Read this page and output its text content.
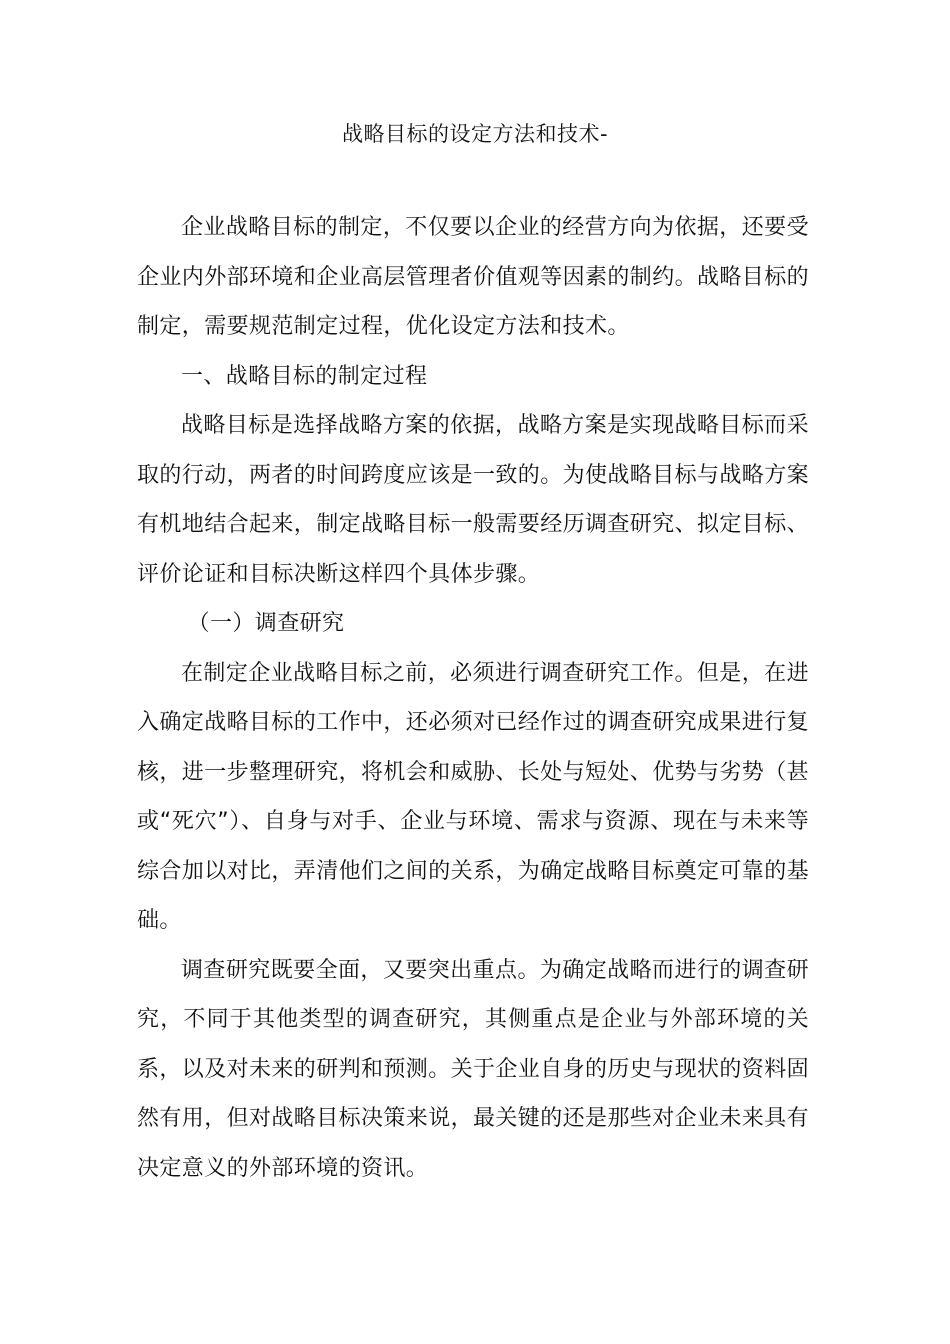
战略目标的设定方法和技术-

企业战略目标的制定，不仅要以企业的经营方向为依据，还要受企业内外部环境和企业高层管理者价值观等因素的制约。战略目标的制定，需要规范制定过程，优化设定方法和技术。

一、战略目标的制定过程

战略目标是选择战略方案的依据，战略方案是实现战略目标而采取的行动，两者的时间跨度应该是一致的。为使战略目标与战略方案有机地结合起来，制定战略目标一般需要经历调查研究、拟定目标、评价论证和目标决断这样四个具体步骤。

（一）调查研究

在制定企业战略目标之前，必须进行调查研究工作。但是，在进入确定战略目标的工作中，还必须对已经作过的调查研究成果进行复核，进一步整理研究，将机会和威胁、长处与短处、优势与劣势（甚或“死穴”）、自身与对手、企业与环境、需求与资源、现在与未来等综合加以对比，弄清他们之间的关系，为确定战略目标奠定可靠的基础。

调查研究既要全面，又要突出重点。为确定战略而进行的调查研究，不同于其他类型的调查研究，其侧重点是企业与外部环境的关系，以及对未来的研判和预测。关于企业自身的历史与现状的资料固然有用，但对战略目标决策来说，最关键的还是那些对企业未来具有决定意义的外部环境的资讯。
